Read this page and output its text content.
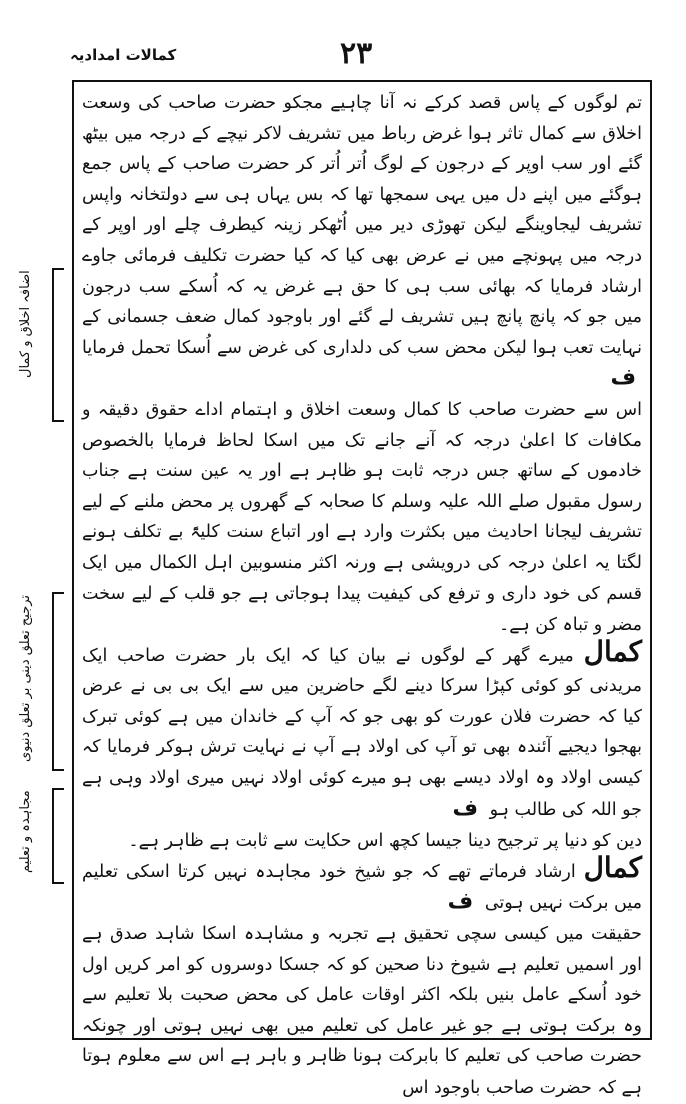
کمالات امدادیہ	۲۳
اضافہ اخلاق و کمال
ترجیح تعلق دینی بر تعلق دنیوی
مجاہدہ و تعلیم

تم لوگوں کے پاس قصد کرکے نہ آنا چاہیے مجکو حضرت صاحب کی وسعت اخلاق سے کمال تاثر ہوا غرض رباط میں تشریف لاکر نیچے کے درجہ میں بیٹھ گئے اور سب اوپر کے درجون کے لوگ اُتر اُتر کر حضرت صاحب کے پاس جمع ہوگئے میں اپنے دل میں یہی سمجھا تھا کہ بس یہاں ہی سے دولتخانہ واپس تشریف لیجاوینگے لیکن تھوڑی دیر میں اُٹھکر زینہ کیطرف چلے اور اوپر کے درجہ میں پہونچے میں نے عرض بھی کیا کہ کیا حضرت تکلیف فرمائی جاوے ارشاد فرمایا کہ بھائی سب ہی کا حق ہے غرض یہ کہ اُسکے سب درجون میں جو کہ پانچ پانچ ہیں تشریف لے گئے اور باوجود کمال ضعف جسمانی کے نہایت تعب ہوا لیکن محض سب کی دلداری کی غرض سے اُسکا تحمل فرمایا ف

اس سے حضرت صاحب کا کمال وسعت اخلاق و اہتمام اداے حقوق دقیقہ و مکافات کا اعلیٰ درجہ کہ آنے جانے تک میں اسکا لحاظ فرمایا بالخصوص خادموں کے ساتھ جس درجہ ثابت ہو ظاہر ہے اور یہ عین سنت ہے جناب رسول مقبول صلے اللہ علیہ وسلم کا صحابہ کے گھروں پر محض ملنے کے لیے تشریف لیجانا احادیث میں بکثرت وارد ہے اور اتباع سنت کلیۃً بے تکلف ہونے لگتا یہ اعلیٰ درجہ کی درویشی ہے ورنہ اکثر منسوبین اہل الکمال میں ایک قسم کی خود داری و ترفع کی کیفیت پیدا ہوجاتی ہے جو قلب کے لیے سخت مضر و تباہ کن ہے۔

کمال میرے گھر کے لوگوں نے بیان کیا کہ ایک بار حضرت صاحب ایک مریدنی کو کوئی کپڑا سرکا دینے لگے حاضرین میں سے ایک بی بی نے عرض کیا کہ حضرت فلان عورت کو بھی جو کہ آپ کے خاندان میں ہے کوئی تبرک بھجوا دیجیے آئندہ بھی تو آپ کی اولاد ہے آپ نے نہایت ترش ہوکر فرمایا کہ کیسی اولاد وہ اولاد دیسے بھی ہو میرے کوئی اولاد نہیں میری اولاد وہی ہے جو اللہ کی طالب ہو ف

دین کو دنیا پر ترجیح دینا جیسا کچھ اس حکایت سے ثابت ہے ظاہر ہے۔

کمال ارشاد فرماتے تھے کہ جو شیخ خود مجاہدہ نہیں کرتا اسکی تعلیم میں برکت نہیں ہوتی ف

حقیقت میں کیسی سچی تحقیق ہے تجربہ و مشاہدہ اسکا شاہد صدق ہے اور اسمیں تعلیم ہے شیوخ دنا صحین کو کہ جسکا دوسروں کو امر کریں اول خود اُسکے عامل بنیں بلکہ اکثر اوقات عامل کی محض صحبت بلا تعلیم سے وہ برکت ہوتی ہے جو غیر عامل کی تعلیم میں بھی نہیں ہوتی اور چونکہ حضرت صاحب کی تعلیم کا بابرکت ہونا ظاہر و باہر ہے اس سے معلوم ہوتا ہے کہ حضرت صاحب باوجود اس
